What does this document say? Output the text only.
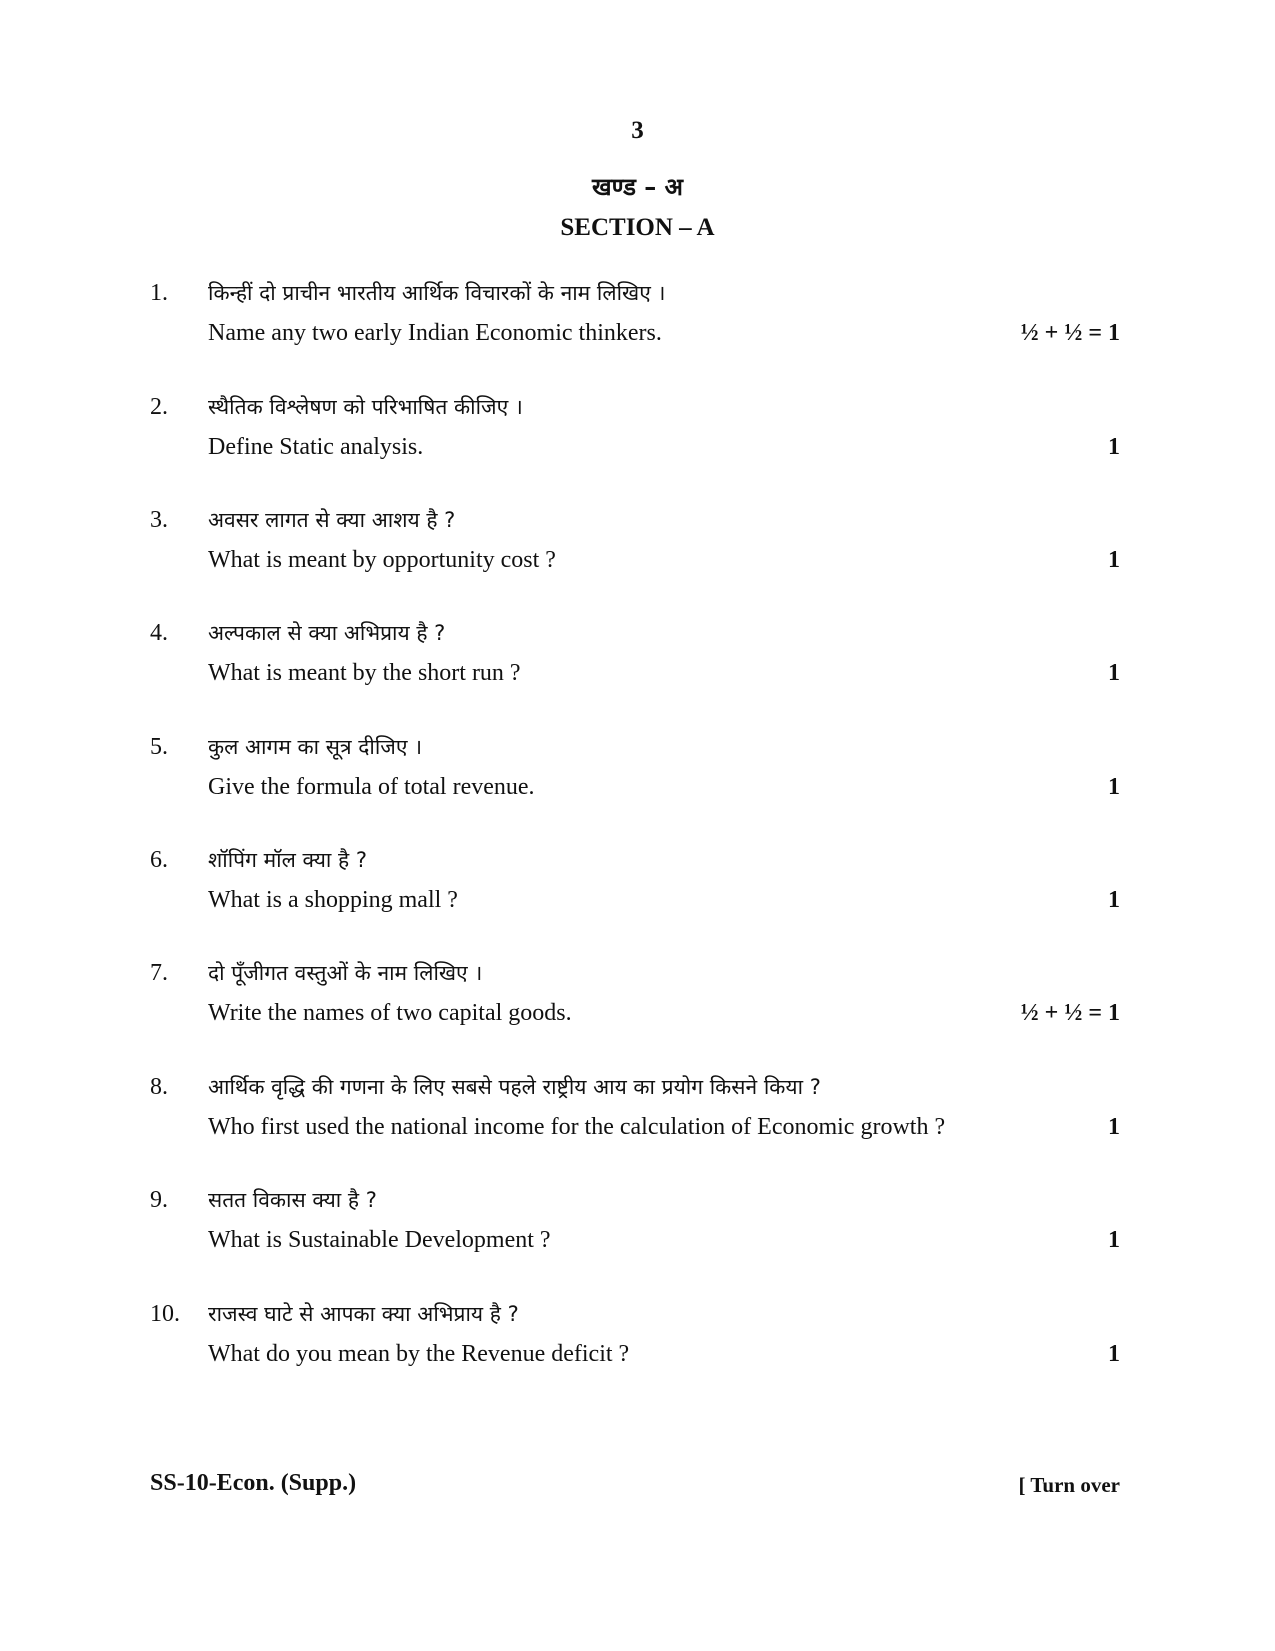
3
खण्ड – अ
SECTION – A
1. किन्हीं दो प्राचीन भारतीय आर्थिक विचारकों के नाम लिखिए ।
Name any two early Indian Economic thinkers.	½ + ½ = 1
2. स्थैतिक विश्लेषण को परिभाषित कीजिए ।
Define Static analysis.	1
3. अवसर लागत से क्या आशय है ?
What is meant by opportunity cost ?	1
4. अल्पकाल से क्या अभिप्राय है ?
What is meant by the short run ?	1
5. कुल आगम का सूत्र दीजिए ।
Give the formula of total revenue.	1
6. शॉपिंग मॉल क्या है ?
What is a shopping mall ?	1
7. दो पूँजीगत वस्तुओं के नाम लिखिए ।
Write the names of two capital goods.	½ + ½ = 1
8. आर्थिक वृद्धि की गणना के लिए सबसे पहले राष्ट्रीय आय का प्रयोग किसने किया ?
Who first used the national income for the calculation of Economic growth ?	1
9. सतत विकास क्या है ?
What is Sustainable Development ?	1
10. राजस्व घाटे से आपका क्या अभिप्राय है ?
What do you mean by the Revenue deficit ?	1
SS-10-Econ. (Supp.)	[ Turn over
